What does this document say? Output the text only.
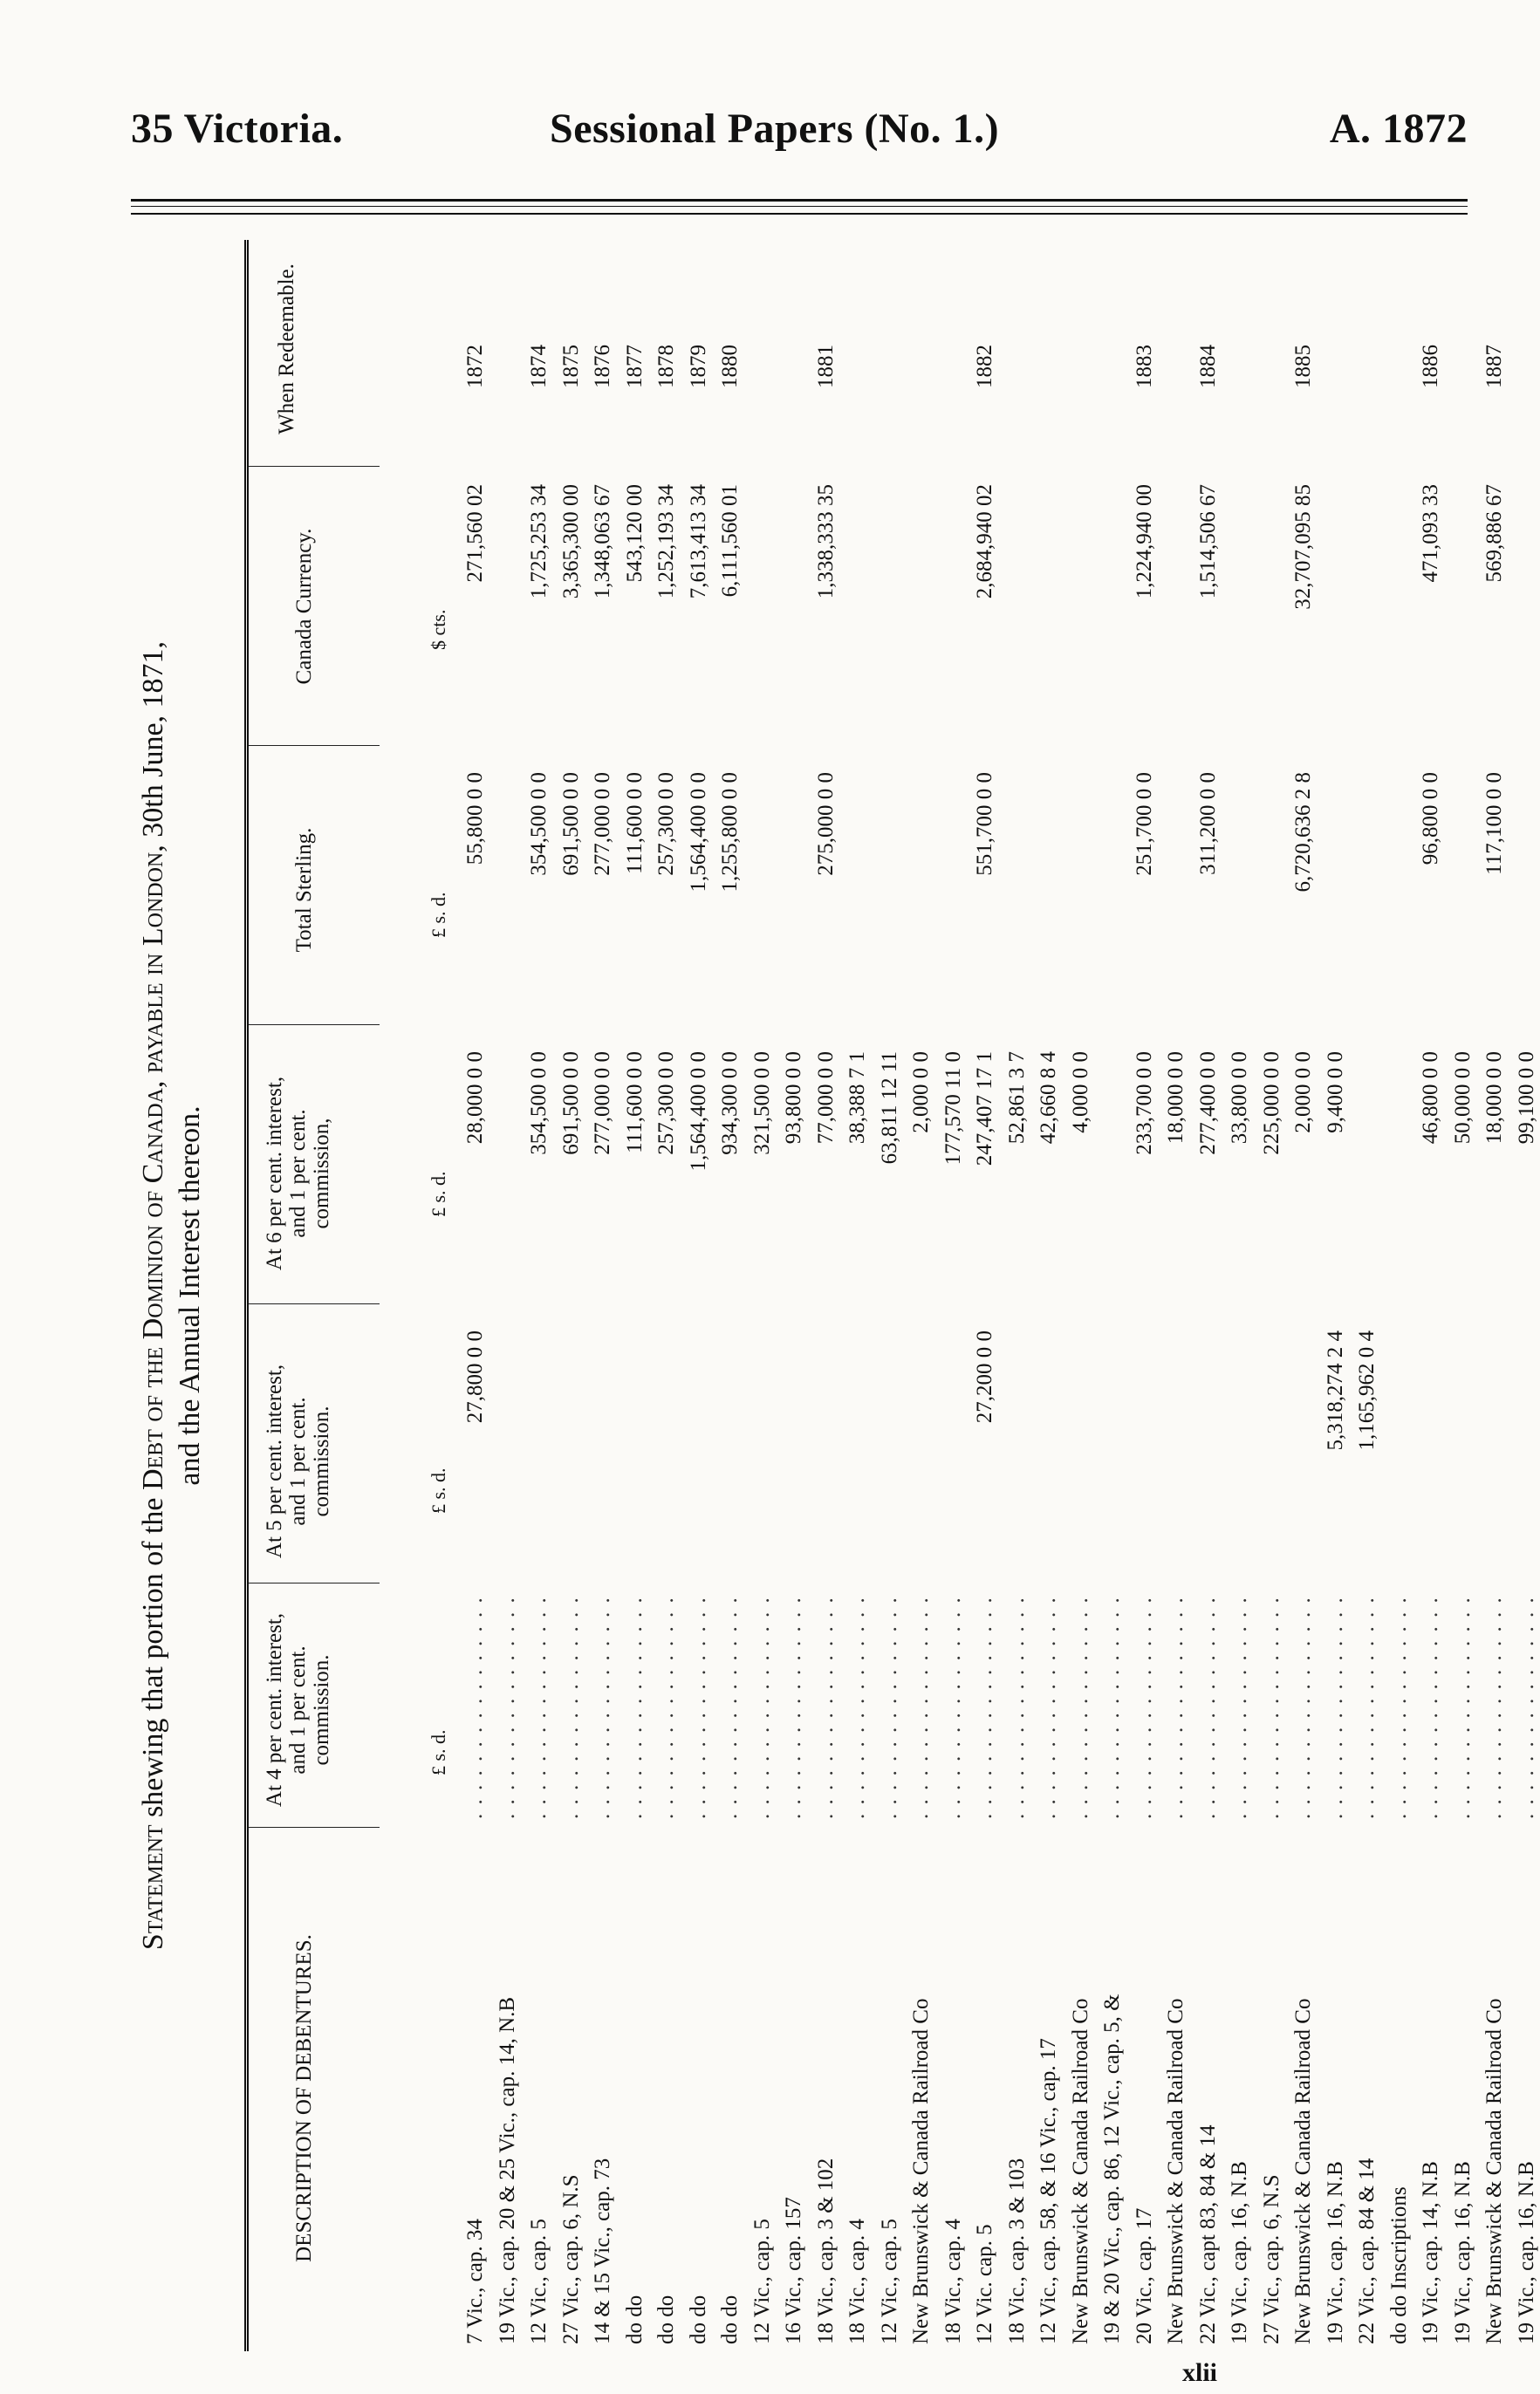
35 Victoria.	Sessional Papers (No. 1.)	A. 1872
Statement shewing that portion of the Debt of the Dominion of Canada, payable in London, 30th June, 1871,
and the Annual Interest thereon.
DESCRIPTION OF DEBENTURES.
At 4 per cent. interest, and 1 per cent. commission.
At 5 per cent. interest, and 1 per cent. commission.
At 6 per cent. interest, and 1 per cent. commission,
Total Sterling.
Canada Currency.
When Redeemable.
£ s. d.
£ s. d.
£ s. d.
£ s. d.
$ cts.
7 Vic., cap. 34
. . . . . . . . . . . . . . . .
27,800 0 0
28,000 0 0
55,800 0 0
271,560 02
1872
19 Vic., cap. 20 & 25 Vic., cap. 14, N.B
. . . . . . . . . . . . . . . .
12 Vic., cap. 5
. . . . . . . . . . . . . . . .
354,500 0 0
354,500 0 0
1,725,253 34
1874
27 Vic., cap. 6, N.S
. . . . . . . . . . . . . . . .
691,500 0 0
691,500 0 0
3,365,300 00
1875
14 & 15 Vic., cap. 73
. . . . . . . . . . . . . . . .
277,000 0 0
277,000 0 0
1,348,063 67
1876
do do
. . . . . . . . . . . . . . . .
111,600 0 0
111,600 0 0
543,120 00
1877
do do
. . . . . . . . . . . . . . . .
257,300 0 0
257,300 0 0
1,252,193 34
1878
do do
. . . . . . . . . . . . . . . .
1,564,400 0 0
1,564,400 0 0
7,613,413 34
1879
do do
. . . . . . . . . . . . . . . .
934,300 0 0
1,255,800 0 0
6,111,560 01
1880
12 Vic., cap. 5
. . . . . . . . . . . . . . . .
321,500 0 0
16 Vic., cap. 157
. . . . . . . . . . . . . . . .
93,800 0 0
18 Vic., cap. 3 & 102
. . . . . . . . . . . . . . . .
77,000 0 0
275,000 0 0
1,338,333 35
1881
18 Vic., cap. 4
. . . . . . . . . . . . . . . .
38,388 7 1
12 Vic., cap. 5
. . . . . . . . . . . . . . . .
63,811 12 11
New Brunswick & Canada Railroad Co
. . . . . . . . . . . . . . . .
2,000 0 0
18 Vic., cap. 4
. . . . . . . . . . . . . . . .
177,570 11 0
12 Vic. cap. 5
. . . . . . . . . . . . . . . .
27,200 0 0
247,407 17 1
551,700 0 0
2,684,940 02
1882
18 Vic., cap. 3 & 103
. . . . . . . . . . . . . . . .
52,861 3 7
12 Vic., cap. 58, & 16 Vic., cap. 17
. . . . . . . . . . . . . . . .
42,660 8 4
New Brunswick & Canada Railroad Co
. . . . . . . . . . . . . . . .
4,000 0 0
19 & 20 Vic., cap. 86, 12 Vic., cap. 5, &
. . . . . . . . . . . . . . . .
20 Vic., cap. 17
. . . . . . . . . . . . . . . .
233,700 0 0
251,700 0 0
1,224,940 00
1883
New Brunswick & Canada Railroad Co
. . . . . . . . . . . . . . . .
18,000 0 0
22 Vic., capt 83, 84 & 14
. . . . . . . . . . . . . . . .
277,400 0 0
311,200 0 0
1,514,506 67
1884
19 Vic., cap. 16, N.B
. . . . . . . . . . . . . . . .
33,800 0 0
27 Vic., cap. 6, N.S
. . . . . . . . . . . . . . . .
225,000 0 0
New Brunswick & Canada Railroad Co
. . . . . . . . . . . . . . . .
2,000 0 0
6,720,636 2 8
32,707,095 85
1885
19 Vic., cap. 16, N.B
. . . . . . . . . . . . . . . .
5,318,274 2 4
9,400 0 0
22 Vic., cap. 84 & 14
. . . . . . . . . . . . . . . .
1,165,962 0 4
do do Inscriptions
. . . . . . . . . . . . . . . .
19 Vic., cap. 14, N.B
. . . . . . . . . . . . . . . .
46,800 0 0
96,800 0 0
471,093 33
1886
19 Vic., cap. 16, N.B
. . . . . . . . . . . . . . . .
50,000 0 0
New Brunswick & Canada Railroad Co
. . . . . . . . . . . . . . . .
18,000 0 0
117,100 0 0
569,886 67
1887
19 Vic., cap. 16, N.B
. . . . . . . . . . . . . . . .
99,100 0 0
xlii
